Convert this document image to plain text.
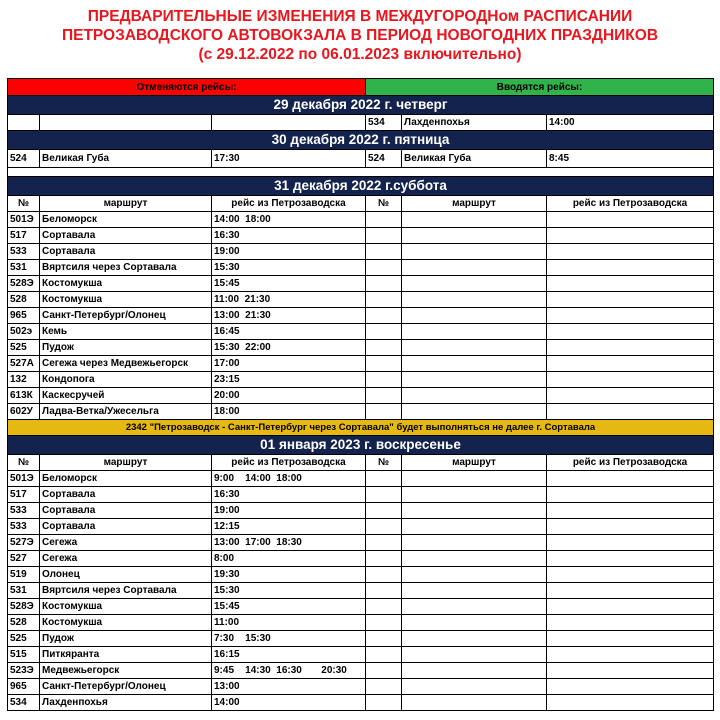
ПРЕДВАРИТЕЛЬНЫЕ ИЗМЕНЕНИЯ В МЕЖДУГОРОДНом РАСПИСАНИИ
ПЕТРОЗАВОДСКОГО АВТОВОКЗАЛА В ПЕРИОД НОВОГОДНИХ ПРАЗДНИКОВ
(с 29.12.2022 по 06.01.2023 включительно)
Отменяются рейсы:			Вводятся рейсы:		
29 декабря 2022 г. четверг					
			534	Лахденпохья	14:00
30 декабря 2022 г. пятница					
524	Великая Губа	17:30	524	Великая Губа	8:45

31 декабря 2022 г.суббота					
№	маршрут	рейс из Петрозаводска	№	маршрут	рейс из Петрозаводска
501Э	Беломорск	14:00  18:00			
517	Сортавала	16:30			
533	Сортавала	19:00			
531	Вяртсиля через Сортавала	15:30			
528Э	Костомукша	15:45			
528	Костомукша	11:00  21:30			
965	Санкт-Петербург/Олонец	13:00  21:30			
502э	Кемь	16:45			
525	Пудож	15:30  22:00			
527А	Сегежа через Медвежьегорск	17:00			
132	Кондопога	23:15			
613К	Каскесручей	20:00			
602У	Ладва-Ветка/Ужесельга	18:00			
2342 "Петрозаводск - Санкт-Петербург через Сортавала" будет выполняться не далее г. Сортавала					
01 января 2023 г. воскресенье					
№	маршрут	рейс из Петрозаводска	№	маршрут	рейс из Петрозаводска
501Э	Беломорск	9:00    14:00  18:00			
517	Сортавала	16:30			
533	Сортавала	19:00			
533	Сортавала	12:15			
527Э	Сегежа	13:00  17:00  18:30			
527	Сегежа	8:00			
519	Олонец	19:30			
531	Вяртсиля через Сортавала	15:30			
528Э	Костомукша	15:45			
528	Костомукша	11:00			
525	Пудож	7:30    15:30			
515	Питкяранта	16:15			
523Э	Медвежьегорск	9:45    14:30  16:30       20:30			
965	Санкт-Петербург/Олонец	13:00			
534	Лахденпохья	14:00			
